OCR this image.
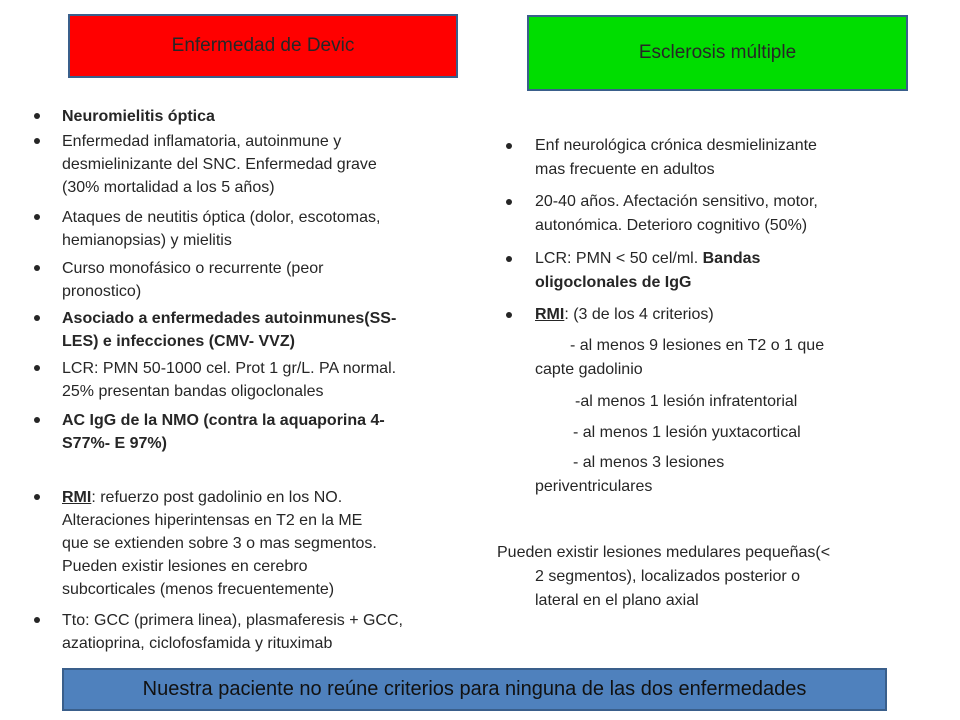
Enfermedad de Devic	Esclerosis múltiple
Neuromielitis óptica
Enfermedad inflamatoria, autoinmune y
desmielinizante del SNC. Enfermedad grave
(30% mortalidad a los 5 años)
Ataques de neutitis óptica (dolor, escotomas,
hemianopsias) y mielitis
Curso monofásico o recurrente (peor
pronostico)
Asociado a enfermedades autoinmunes(SS-
LES) e infecciones (CMV- VVZ)
LCR: PMN 50-1000 cel. Prot 1 gr/L. PA normal.
25% presentan bandas oligoclonales
AC IgG de la NMO (contra la aquaporina 4-
S77%- E 97%)
RMI: refuerzo post gadolinio en los NO.
Alteraciones hiperintensas en T2 en la ME
que se extienden sobre 3 o mas segmentos.
Pueden existir lesiones en cerebro
subcorticales (menos frecuentemente)
Tto: GCC (primera linea), plasmaferesis + GCC,
azatioprina, ciclofosfamida y rituximab
Enf neurológica crónica desmielinizante
mas frecuente en adultos
20-40 años. Afectación sensitivo, motor,
autonómica. Deterioro cognitivo (50%)
LCR: PMN < 50 cel/ml. Bandas
oligoclonales de IgG
RMI: (3 de los 4 criterios)
- al menos 9 lesiones en T2 o 1 que
capte gadolinio
-al menos 1 lesión infratentorial
- al menos 1 lesión yuxtacortical
- al menos 3 lesiones
periventriculares
Pueden existir lesiones medulares pequeñas(<
2 segmentos), localizados posterior o
lateral en el plano axial
Nuestra paciente no reúne criterios para ninguna de las dos enfermedades
